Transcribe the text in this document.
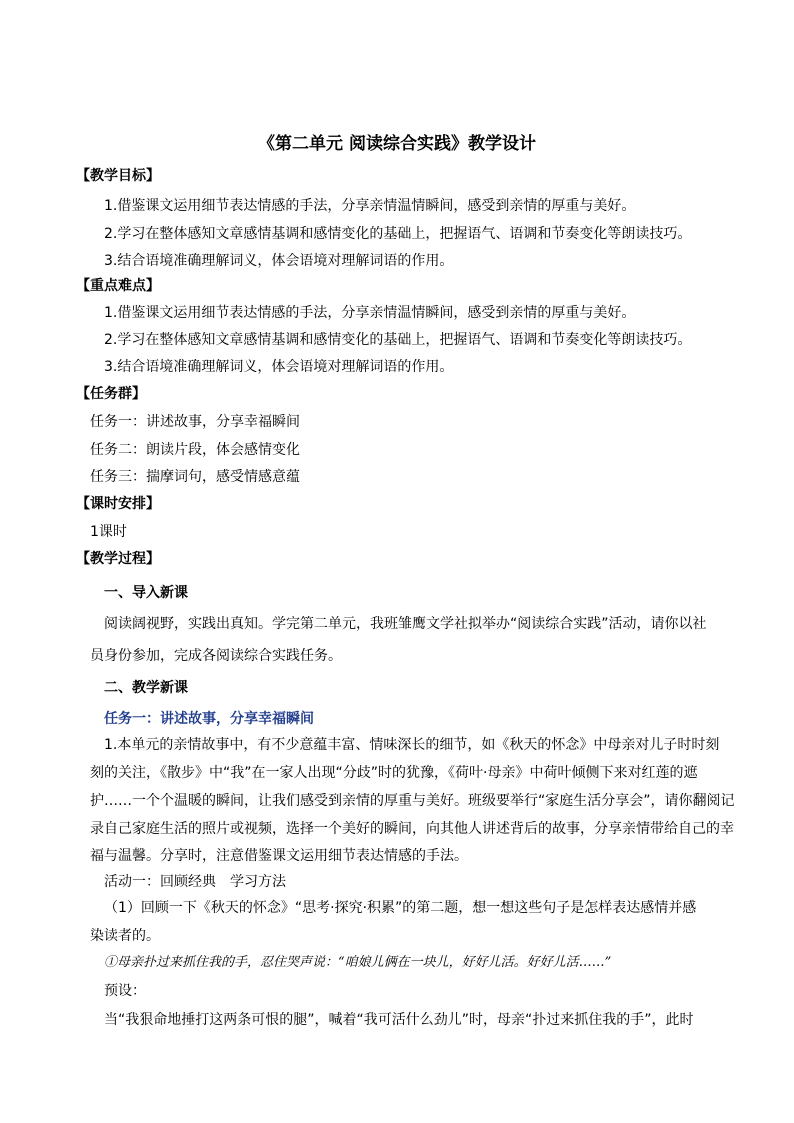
《第二单元 阅读综合实践》教学设计
【教学目标】
1.借鉴课文运用细节表达情感的手法，分享亲情温情瞬间，感受到亲情的厚重与美好。
2.学习在整体感知文章感情基调和感情变化的基础上，把握语气、语调和节奏变化等朗读技巧。
3.结合语境准确理解词义，体会语境对理解词语的作用。
【重点难点】
1.借鉴课文运用细节表达情感的手法，分享亲情温情瞬间，感受到亲情的厚重与美好。
2.学习在整体感知文章感情基调和感情变化的基础上，把握语气、语调和节奏变化等朗读技巧。
3.结合语境准确理解词义，体会语境对理解词语的作用。
【任务群】
任务一：讲述故事，分享幸福瞬间
任务二：朗读片段，体会感情变化
任务三：揣摩词句，感受情感意蕴
【课时安排】
1课时
【教学过程】
一、导入新课
阅读阔视野，实践出真知。学完第二单元，我班雏鹰文学社拟举办“阅读综合实践”活动，请你以社
员身份参加，完成各阅读综合实践任务。
二、教学新课
任务一：讲述故事，分享幸福瞬间
1.本单元的亲情故事中，有不少意蕴丰富、情味深长的细节，如《秋天的怀念》中母亲对儿子时时刻
刻的关注，《散步》中“我”在一家人出现“分歧”时的犹豫，《荷叶·母亲》中荷叶倾侧下来对红莲的遮
护……一个个温暖的瞬间，让我们感受到亲情的厚重与美好。班级要举行“家庭生活分享会”，请你翻阅记
录自己家庭生活的照片或视频，选择一个美好的瞬间，向其他人讲述背后的故事，分享亲情带给自己的幸
福与温馨。分享时，注意借鉴课文运用细节表达情感的手法。
活动一：回顾经典　学习方法
（1）回顾一下《秋天的怀念》“思考·探究·积累”的第二题，想一想这些句子是怎样表达感情并感
染读者的。
①母亲扑过来抓住我的手，忍住哭声说：“咱娘儿俩在一块儿，好好儿活。好好儿活……”
预设：
当“我狠命地捶打这两条可恨的腿”，喊着“我可活什么劲儿”时，母亲“扑过来抓住我的手”，此时
